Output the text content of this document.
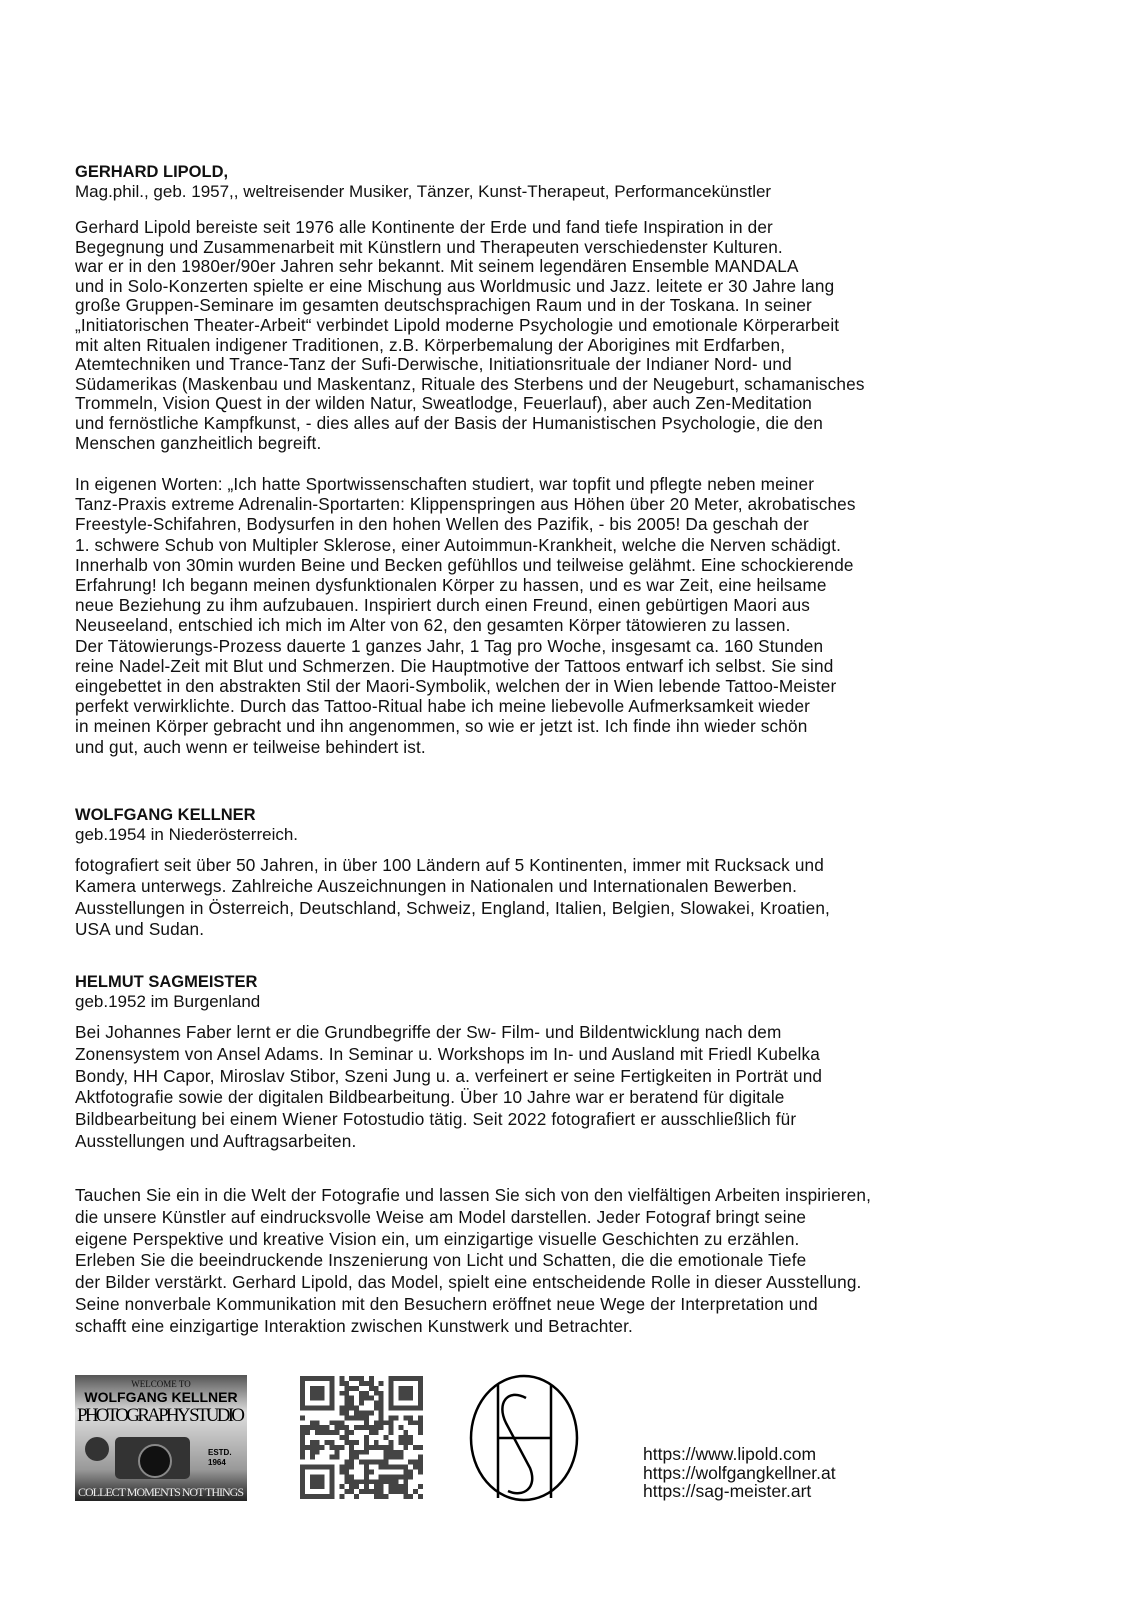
GERHARD LIPOLD,
Mag.phil., geb. 1957,, weltreisender Musiker, Tänzer, Kunst-Therapeut, Performancekünstler
Gerhard Lipold bereiste seit 1976 alle Kontinente der Erde und fand tiefe Inspiration in der
Begegnung und Zusammenarbeit mit Künstlern und Therapeuten verschiedenster Kulturen.
war er in den 1980er/90er Jahren sehr bekannt. Mit seinem legendären Ensemble MANDALA
und in Solo-Konzerten spielte er eine Mischung aus Worldmusic und Jazz. leitete er 30 Jahre lang
große Gruppen-Seminare im gesamten deutschsprachigen Raum und in der Toskana. In seiner
„Initiatorischen Theater-Arbeit“ verbindet Lipold moderne Psychologie und emotionale Körperarbeit
mit alten Ritualen indigener Traditionen, z.B. Körperbemalung der Aborigines mit Erdfarben,
Atemtechniken und Trance-Tanz der Sufi-Derwische, Initiationsrituale der Indianer Nord- und
Südamerikas (Maskenbau und Maskentanz, Rituale des Sterbens und der Neugeburt, schamanisches
Trommeln, Vision Quest in der wilden Natur, Sweatlodge, Feuerlauf), aber auch Zen-Meditation
und fernöstliche Kampfkunst, - dies alles auf der Basis der Humanistischen Psychologie, die den
Menschen ganzheitlich begreift.
In eigenen Worten: „Ich hatte Sportwissenschaften studiert, war topfit und pflegte neben meiner
Tanz-Praxis extreme Adrenalin-Sportarten: Klippenspringen aus Höhen über 20 Meter, akrobatisches
Freestyle-Schifahren, Bodysurfen in den hohen Wellen des Pazifik, - bis 2005! Da geschah der
1. schwere Schub von Multipler Sklerose, einer Autoimmun-Krankheit, welche die Nerven schädigt.
Innerhalb von 30min wurden Beine und Becken gefühllos und teilweise gelähmt. Eine schockierende
Erfahrung! Ich begann meinen dysfunktionalen Körper zu hassen, und es war Zeit, eine heilsame
neue Beziehung zu ihm aufzubauen. Inspiriert durch einen Freund, einen gebürtigen Maori aus
Neuseeland, entschied ich mich im Alter von 62, den gesamten Körper tätowieren zu lassen.
Der Tätowierungs-Prozess dauerte 1 ganzes Jahr, 1 Tag pro Woche, insgesamt ca. 160 Stunden
reine Nadel-Zeit mit Blut und Schmerzen. Die Hauptmotive der Tattoos entwarf ich selbst. Sie sind
eingebettet in den abstrakten Stil der Maori-Symbolik, welchen der in Wien lebende Tattoo-Meister
perfekt verwirklichte. Durch das Tattoo-Ritual habe ich meine liebevolle Aufmerksamkeit wieder
in meinen Körper gebracht und ihn angenommen, so wie er jetzt ist. Ich finde ihn wieder schön
und gut, auch wenn er teilweise behindert ist.
WOLFGANG KELLNER
geb.1954 in Niederösterreich.
fotografiert seit über 50 Jahren, in über 100 Ländern auf 5 Kontinenten, immer mit Rucksack und
Kamera unterwegs. Zahlreiche Auszeichnungen in Nationalen und Internationalen Bewerben.
Ausstellungen in Österreich, Deutschland, Schweiz, England, Italien, Belgien, Slowakei, Kroatien,
USA und Sudan.
HELMUT SAGMEISTER
geb.1952 im Burgenland
Bei Johannes Faber lernt er die Grundbegriffe der Sw- Film- und Bildentwicklung nach dem
Zonensystem von Ansel Adams. In Seminar u. Workshops im In- und Ausland mit Friedl Kubelka
Bondy, HH Capor, Miroslav Stibor, Szeni Jung u. a. verfeinert er seine Fertigkeiten in Porträt und
Aktfotografie sowie der digitalen Bildbearbeitung. Über 10 Jahre war er beratend für digitale
Bildbearbeitung bei einem Wiener Fotostudio tätig. Seit 2022 fotografiert er ausschließlich für
Ausstellungen und Auftragsarbeiten.
Tauchen Sie ein in die Welt der Fotografie und lassen Sie sich von den vielfältigen Arbeiten inspirieren,
die unsere Künstler auf eindrucksvolle Weise am Model darstellen. Jeder Fotograf bringt seine
eigene Perspektive und kreative Vision ein, um einzigartige visuelle Geschichten zu erzählen.
Erleben Sie die beeindruckende Inszenierung von Licht und Schatten, die die emotionale Tiefe
der Bilder verstärkt. Gerhard Lipold, das Model, spielt eine entscheidende Rolle in dieser Ausstellung.
Seine nonverbale Kommunikation mit den Besuchern eröffnet neue Wege der Interpretation und
schafft eine einzigartige Interaktion zwischen Kunstwerk und Betrachter.
WELCOME TO
WOLFGANG KELLNER
PHOTOGRAPHY STUDIO
ESTD.
1964
COLLECT MOMENTS NOT THINGS
https://www.lipold.com
https://wolfgangkellner.at
https://sag-meister.art
